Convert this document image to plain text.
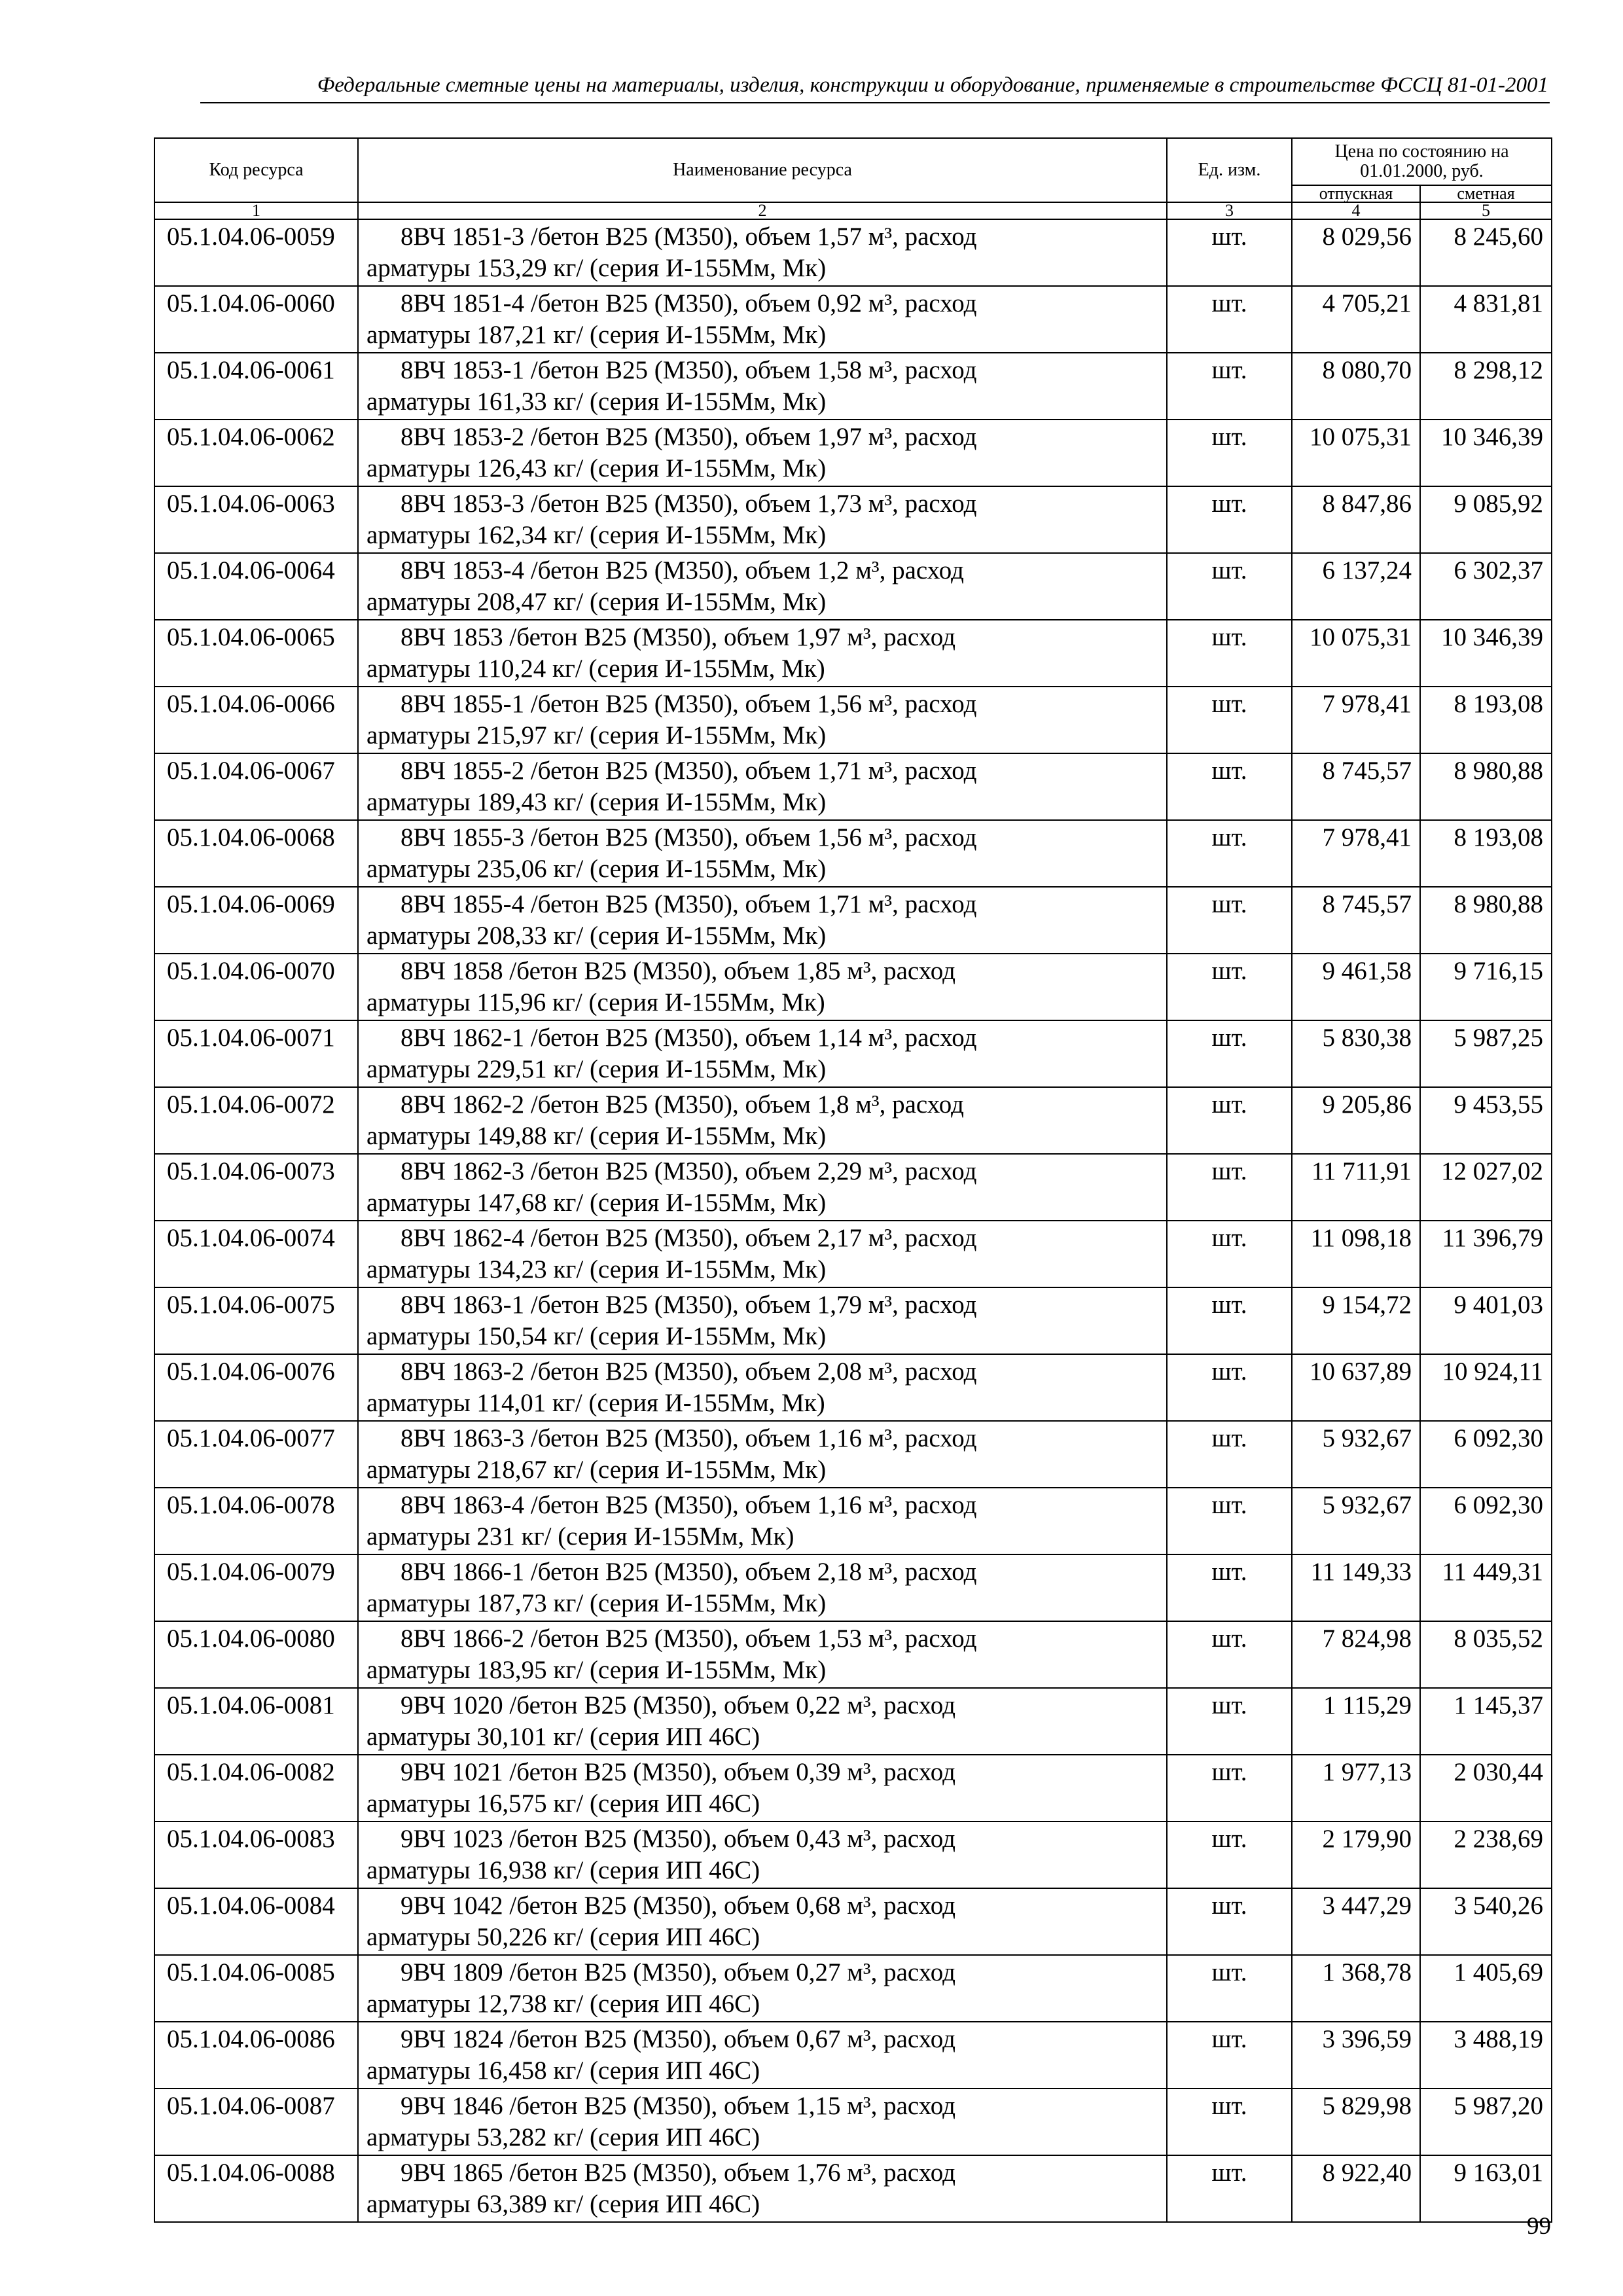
Федеральные сметные цены на материалы, изделия, конструкции и оборудование, применяемые в строительстве ФССЦ 81-01-2001
Код ресурса	Наименование ресурса	Ед. изм.	Цена по состоянию на
01.01.2000, руб.	

			отпускная	сметная
1	2	3	4	5
05.1.04.06-0059	8ВЧ 1851-3 /бетон В25 (М350), объем 1,57 м³, расход
арматуры 153,29 кг/ (серия И-155Мм, Мк)	шт.	8 029,56	8 245,60
05.1.04.06-0060	8ВЧ 1851-4 /бетон В25 (М350), объем 0,92 м³, расход
арматуры 187,21 кг/ (серия И-155Мм, Мк)	шт.	4 705,21	4 831,81
05.1.04.06-0061	8ВЧ 1853-1 /бетон В25 (М350), объем 1,58 м³, расход
арматуры 161,33 кг/ (серия И-155Мм, Мк)	шт.	8 080,70	8 298,12
05.1.04.06-0062	8ВЧ 1853-2 /бетон В25 (М350), объем 1,97 м³, расход
арматуры 126,43 кг/ (серия И-155Мм, Мк)	шт.	10 075,31	10 346,39
05.1.04.06-0063	8ВЧ 1853-3 /бетон В25 (М350), объем 1,73 м³, расход
арматуры 162,34 кг/ (серия И-155Мм, Мк)	шт.	8 847,86	9 085,92
05.1.04.06-0064	8ВЧ 1853-4 /бетон В25 (М350), объем 1,2 м³, расход
арматуры 208,47 кг/ (серия И-155Мм, Мк)	шт.	6 137,24	6 302,37
05.1.04.06-0065	8ВЧ 1853 /бетон В25 (М350), объем 1,97 м³, расход
арматуры 110,24 кг/ (серия И-155Мм, Мк)	шт.	10 075,31	10 346,39
05.1.04.06-0066	8ВЧ 1855-1 /бетон В25 (М350), объем 1,56 м³, расход
арматуры 215,97 кг/ (серия И-155Мм, Мк)	шт.	7 978,41	8 193,08
05.1.04.06-0067	8ВЧ 1855-2 /бетон В25 (М350), объем 1,71 м³, расход
арматуры 189,43 кг/ (серия И-155Мм, Мк)	шт.	8 745,57	8 980,88
05.1.04.06-0068	8ВЧ 1855-3 /бетон В25 (М350), объем 1,56 м³, расход
арматуры 235,06 кг/ (серия И-155Мм, Мк)	шт.	7 978,41	8 193,08
05.1.04.06-0069	8ВЧ 1855-4 /бетон В25 (М350), объем 1,71 м³, расход
арматуры 208,33 кг/ (серия И-155Мм, Мк)	шт.	8 745,57	8 980,88
05.1.04.06-0070	8ВЧ 1858 /бетон В25 (М350), объем 1,85 м³, расход
арматуры 115,96 кг/ (серия И-155Мм, Мк)	шт.	9 461,58	9 716,15
05.1.04.06-0071	8ВЧ 1862-1 /бетон В25 (М350), объем 1,14 м³, расход
арматуры 229,51 кг/ (серия И-155Мм, Мк)	шт.	5 830,38	5 987,25
05.1.04.06-0072	8ВЧ 1862-2 /бетон В25 (М350), объем 1,8 м³, расход
арматуры 149,88 кг/ (серия И-155Мм, Мк)	шт.	9 205,86	9 453,55
05.1.04.06-0073	8ВЧ 1862-3 /бетон В25 (М350), объем 2,29 м³, расход
арматуры 147,68 кг/ (серия И-155Мм, Мк)	шт.	11 711,91	12 027,02
05.1.04.06-0074	8ВЧ 1862-4 /бетон В25 (М350), объем 2,17 м³, расход
арматуры 134,23 кг/ (серия И-155Мм, Мк)	шт.	11 098,18	11 396,79
05.1.04.06-0075	8ВЧ 1863-1 /бетон В25 (М350), объем 1,79 м³, расход
арматуры 150,54 кг/ (серия И-155Мм, Мк)	шт.	9 154,72	9 401,03
05.1.04.06-0076	8ВЧ 1863-2 /бетон В25 (М350), объем 2,08 м³, расход
арматуры 114,01 кг/ (серия И-155Мм, Мк)	шт.	10 637,89	10 924,11
05.1.04.06-0077	8ВЧ 1863-3 /бетон В25 (М350), объем 1,16 м³, расход
арматуры 218,67 кг/ (серия И-155Мм, Мк)	шт.	5 932,67	6 092,30
05.1.04.06-0078	8ВЧ 1863-4 /бетон В25 (М350), объем 1,16 м³, расход
арматуры 231 кг/ (серия И-155Мм, Мк)	шт.	5 932,67	6 092,30
05.1.04.06-0079	8ВЧ 1866-1 /бетон В25 (М350), объем 2,18 м³, расход
арматуры 187,73 кг/ (серия И-155Мм, Мк)	шт.	11 149,33	11 449,31
05.1.04.06-0080	8ВЧ 1866-2 /бетон В25 (М350), объем 1,53 м³, расход
арматуры 183,95 кг/ (серия И-155Мм, Мк)	шт.	7 824,98	8 035,52
05.1.04.06-0081	9ВЧ 1020 /бетон В25 (М350), объем 0,22 м³, расход
арматуры 30,101 кг/ (серия ИП 46С)	шт.	1 115,29	1 145,37
05.1.04.06-0082	9ВЧ 1021 /бетон В25 (М350), объем 0,39 м³, расход
арматуры 16,575 кг/ (серия ИП 46С)	шт.	1 977,13	2 030,44
05.1.04.06-0083	9ВЧ 1023 /бетон В25 (М350), объем 0,43 м³, расход
арматуры 16,938 кг/ (серия ИП 46С)	шт.	2 179,90	2 238,69
05.1.04.06-0084	9ВЧ 1042 /бетон В25 (М350), объем 0,68 м³, расход
арматуры 50,226 кг/ (серия ИП 46С)	шт.	3 447,29	3 540,26
05.1.04.06-0085	9ВЧ 1809 /бетон В25 (М350), объем 0,27 м³, расход
арматуры 12,738 кг/ (серия ИП 46С)	шт.	1 368,78	1 405,69
05.1.04.06-0086	9ВЧ 1824 /бетон В25 (М350), объем 0,67 м³, расход
арматуры 16,458 кг/ (серия ИП 46С)	шт.	3 396,59	3 488,19
05.1.04.06-0087	9ВЧ 1846 /бетон В25 (М350), объем 1,15 м³, расход
арматуры 53,282 кг/ (серия ИП 46С)	шт.	5 829,98	5 987,20
05.1.04.06-0088	9ВЧ 1865 /бетон В25 (М350), объем 1,76 м³, расход
арматуры 63,389 кг/ (серия ИП 46С)	шт.	8 922,40	9 163,01
99
